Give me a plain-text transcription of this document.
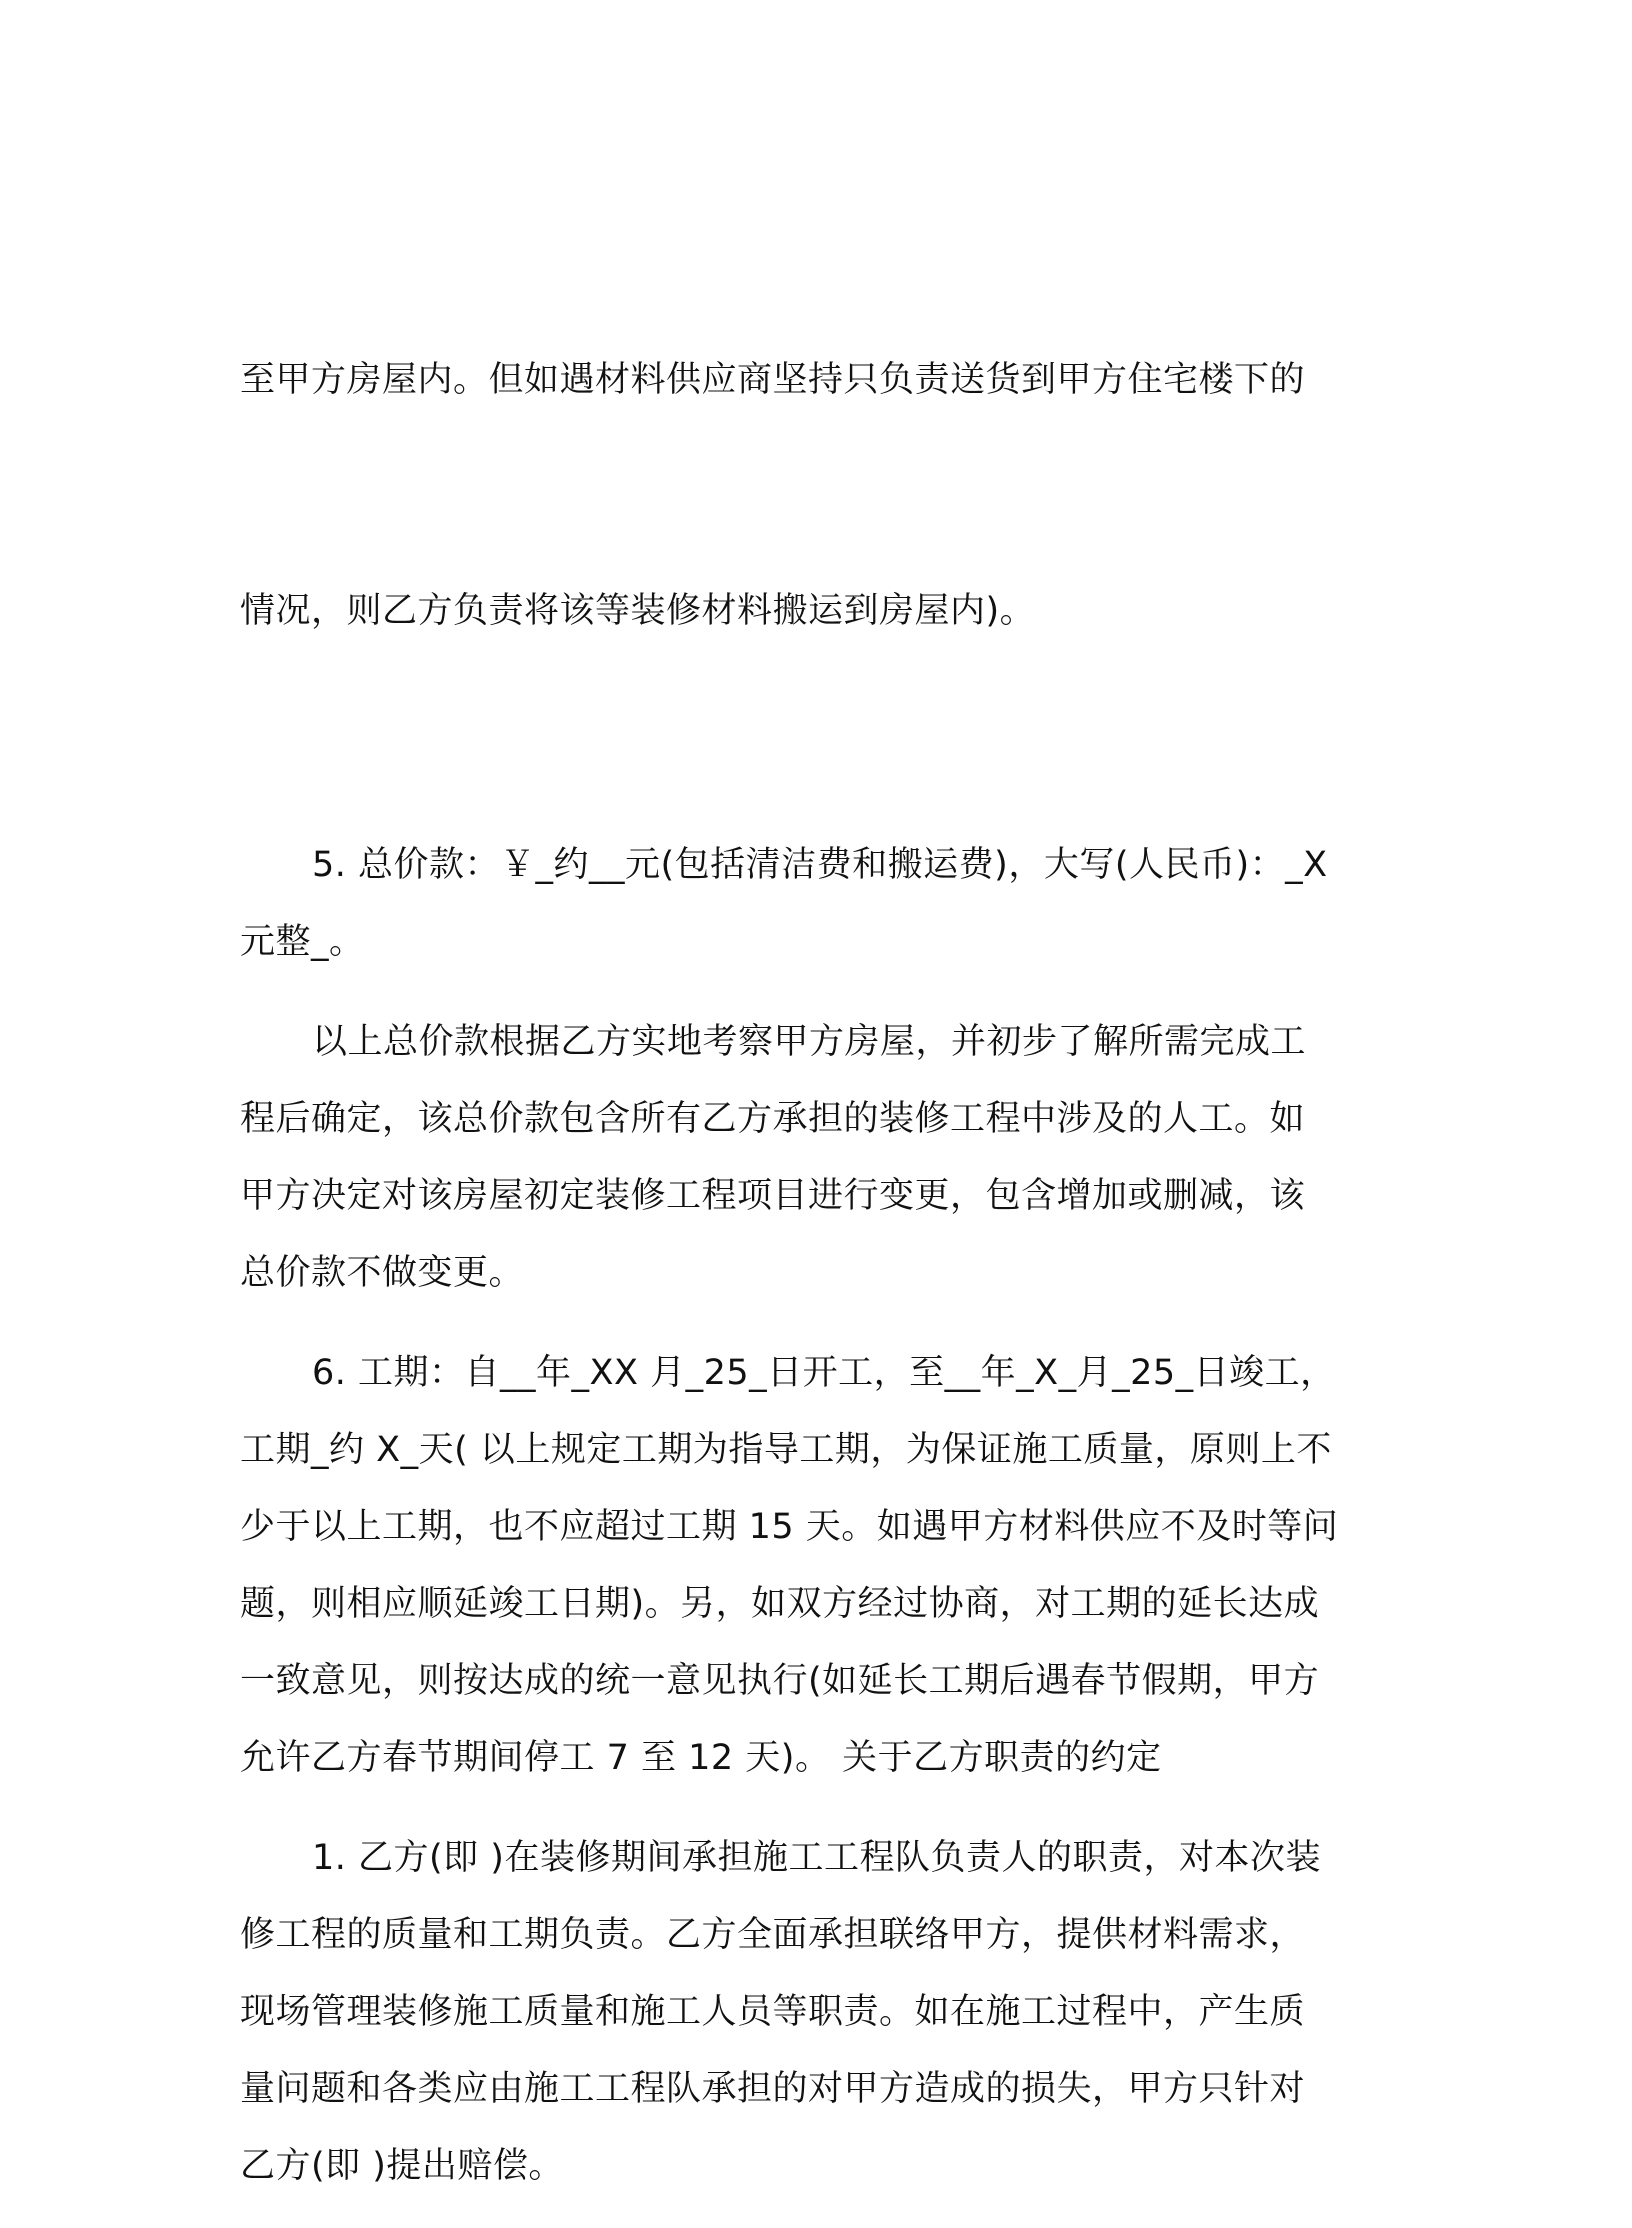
至甲方房屋内。但如遇材料供应商坚持只负责送货到甲方住宅楼下的

情况，则乙方负责将该等装修材料搬运到房屋内)。

5. 总价款：￥_约__元(包括清洁费和搬运费)，大写(人民币)：_X
元整_。

以上总价款根据乙方实地考察甲方房屋，并初步了解所需完成工
程后确定，该总价款包含所有乙方承担的装修工程中涉及的人工。如
甲方决定对该房屋初定装修工程项目进行变更，包含增加或删减，该
总价款不做变更。

6. 工期：自__年_XX 月_25_日开工，至__年_X_月_25_日竣工，
工期_约 X_天( 以上规定工期为指导工期，为保证施工质量，原则上不
少于以上工期，也不应超过工期 15 天。如遇甲方材料供应不及时等问
题，则相应顺延竣工日期)。另，如双方经过协商，对工期的延长达成
一致意见，则按达成的统一意见执行(如延长工期后遇春节假期，甲方
允许乙方春节期间停工 7 至 12 天)。 关于乙方职责的约定

1. 乙方(即 )在装修期间承担施工工程队负责人的职责，对本次装
修工程的质量和工期负责。乙方全面承担联络甲方，提供材料需求，
现场管理装修施工质量和施工人员等职责。如在施工过程中，产生质
量问题和各类应由施工工程队承担的对甲方造成的损失，甲方只针对
乙方(即 )提出赔偿。
